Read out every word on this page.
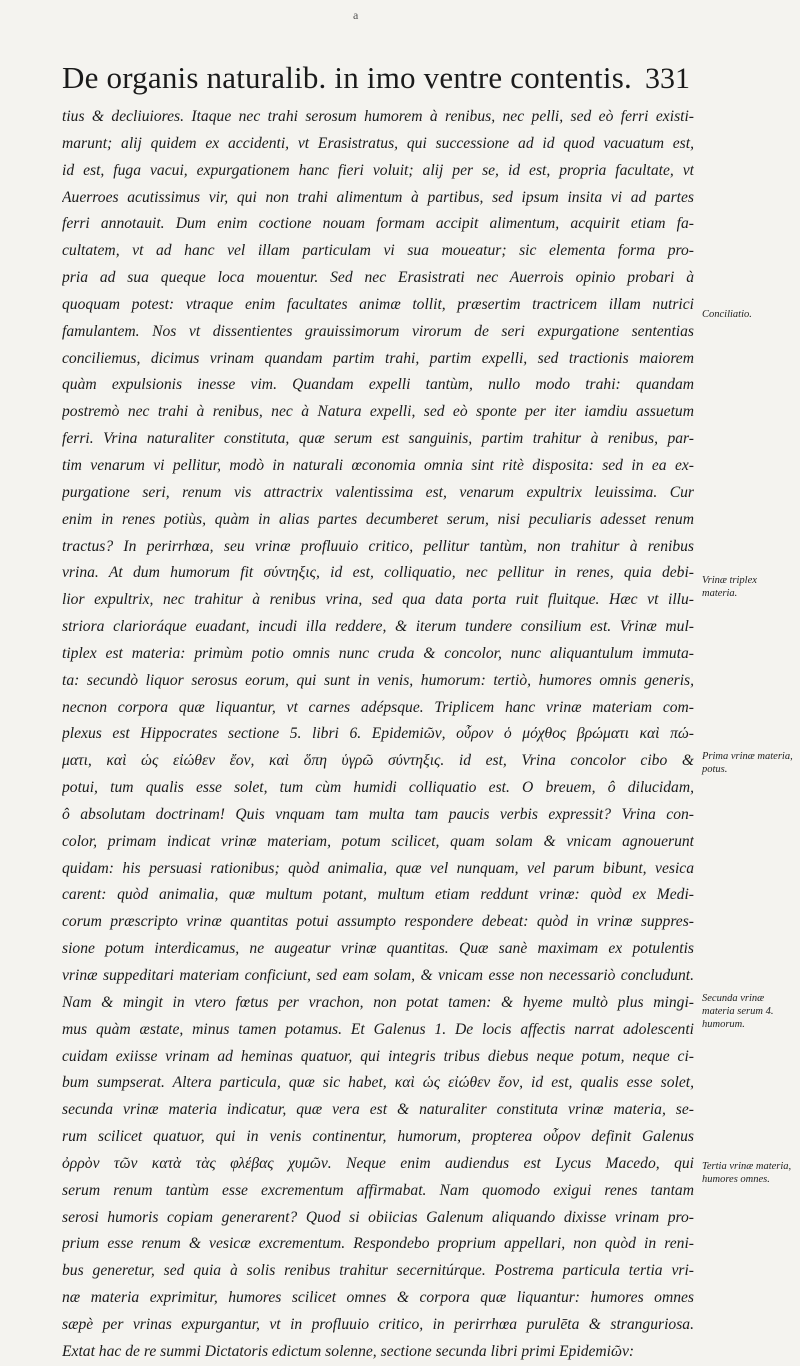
a
De organis naturalib. in imo ventre contentis. 331
tius & decliuiores. Itaque nec trahi serosum humorem à renibus, nec pelli, sed eò ferri existi-
marunt; alij quidem ex accidenti, vt Erasistratus, qui successione ad id quod vacuatum est,
id est, fuga vacui, expurgationem hanc fieri voluit; alij per se, id est, propria facultate, vt
Auerroes acutissimus vir, qui non trahi alimentum à partibus, sed ipsum insita vi ad partes
ferri annotauit. Dum enim coctione nouam formam accipit alimentum, acquirit etiam fa-
cultatem, vt ad hanc vel illam particulam vi sua moueatur; sic elementa forma pro-
pria ad sua queque loca mouentur. Sed nec Erasistrati nec Auerrois opinio probari à
quoquam potest: vtraque enim facultates animæ tollit, præsertim tractricem illam nutrici
famulantem. Nos vt dissentientes grauissimorum virorum de seri expurgatione sententias
conciliemus, dicimus vrinam quandam partim trahi, partim expelli, sed tractionis maiorem
quàm expulsionis inesse vim. Quandam expelli tantùm, nullo modo trahi: quandam
postremò nec trahi à renibus, nec à Natura expelli, sed eò sponte per iter iamdiu assuetum
ferri. Vrina naturaliter constituta, quæ serum est sanguinis, partim trahitur à renibus, par-
tim venarum vi pellitur, modò in naturali œconomia omnia sint ritè disposita: sed in ea ex-
purgatione seri, renum vis attractrix valentissima est, venarum expultrix leuissima. Cur
enim in renes potiùs, quàm in alias partes decumberet serum, nisi peculiaris adesset renum
tractus? In perirrhœa, seu vrinæ profluuio critico, pellitur tantùm, non trahitur à renibus
vrina. At dum humorum fit σύντηξις, id est, colliquatio, nec pellitur in renes, quia debi-
lior expultrix, nec trahitur à renibus vrina, sed qua data porta ruit fluitque. Hæc vt illu-
striora clarioráque euadant, incudi illa reddere, & iterum tundere consilium est. Vrinæ mul-
tiplex est materia: primùm potio omnis nunc cruda & concolor, nunc aliquantulum immuta-
ta: secundò liquor serosus eorum, qui sunt in venis, humorum: tertiò, humores omnis generis,
necnon corpora quæ liquantur, vt carnes adépsque. Triplicem hanc vrinæ materiam com-
plexus est Hippocrates sectione 5. libri 6. Epidemiῶν, οὖρον ὁ μόχθος βρώματι καὶ πώ-
ματι, καὶ ὡς εἰώθεν ἔον, καὶ ὅπη ὑγρῶ σύντηξις. id est, Vrina concolor cibo &
potui, tum qualis esse solet, tum cùm humidi colliquatio est. O breuem, ô dilucidam,
ô absolutam doctrinam! Quis vnquam tam multa tam paucis verbis expressit? Vrina con-
color, primam indicat vrinæ materiam, potum scilicet, quam solam & vnicam agnouerunt
quidam: his persuasi rationibus; quòd animalia, quæ vel nunquam, vel parum bibunt, vesica
carent: quòd animalia, quæ multum potant, multum etiam reddunt vrinæ: quòd ex Medi-
corum præscripto vrinæ quantitas potui assumpto respondere debeat: quòd in vrinæ suppres-
sione potum interdicamus, ne augeatur vrinæ quantitas. Quæ sanè maximam ex potulentis
vrinæ suppeditari materiam conficiunt, sed eam solam, & vnicam esse non necessariò concludunt.
Nam & mingit in vtero fœtus per vrachon, non potat tamen: & hyeme multò plus mingi-
mus quàm æstate, minus tamen potamus. Et Galenus 1. De locis affectis narrat adolescenti
cuidam exiisse vrinam ad heminas quatuor, qui integris tribus diebus neque potum, neque ci-
bum sumpserat. Altera particula, quæ sic habet, καὶ ὡς εἰώθεν ἔον, id est, qualis esse solet,
secunda vrinæ materia indicatur, quæ vera est & naturaliter constituta vrinæ materia, se-
rum scilicet quatuor, qui in venis continentur, humorum, propterea οὖρον definit Galenus
ὀρρὸν τῶν κατὰ τὰς φλέβας χυμῶν. Neque enim audiendus est Lycus Macedo, qui
serum renum tantùm esse excrementum affirmabat. Nam quomodo exigui renes tantam
serosi humoris copiam generarent? Quod si obiicias Galenum aliquando dixisse vrinam pro-
prium esse renum & vesicæ excrementum. Respondebo proprium appellari, non quòd in reni-
bus generetur, sed quia à solis renibus trahitur secernitúrque. Postrema particula tertia vri-
næ materia exprimitur, humores scilicet omnes & corpora quæ liquantur: humores omnes
sæpè per vrinas expurgantur, vt in profluuio critico, in perirrhœa purulēta & stranguriosa.
Extat hac de re summi Dictatoris edictum solenne, sectione secunda libri primi Epidemiῶν:
Conciliatio.
Vrinæ triplex materia.
Prima vrinæ materia, potus.
Secunda vrinæ materia serum 4. humorum.
Tertia vrinæ materia, humores omnes.
